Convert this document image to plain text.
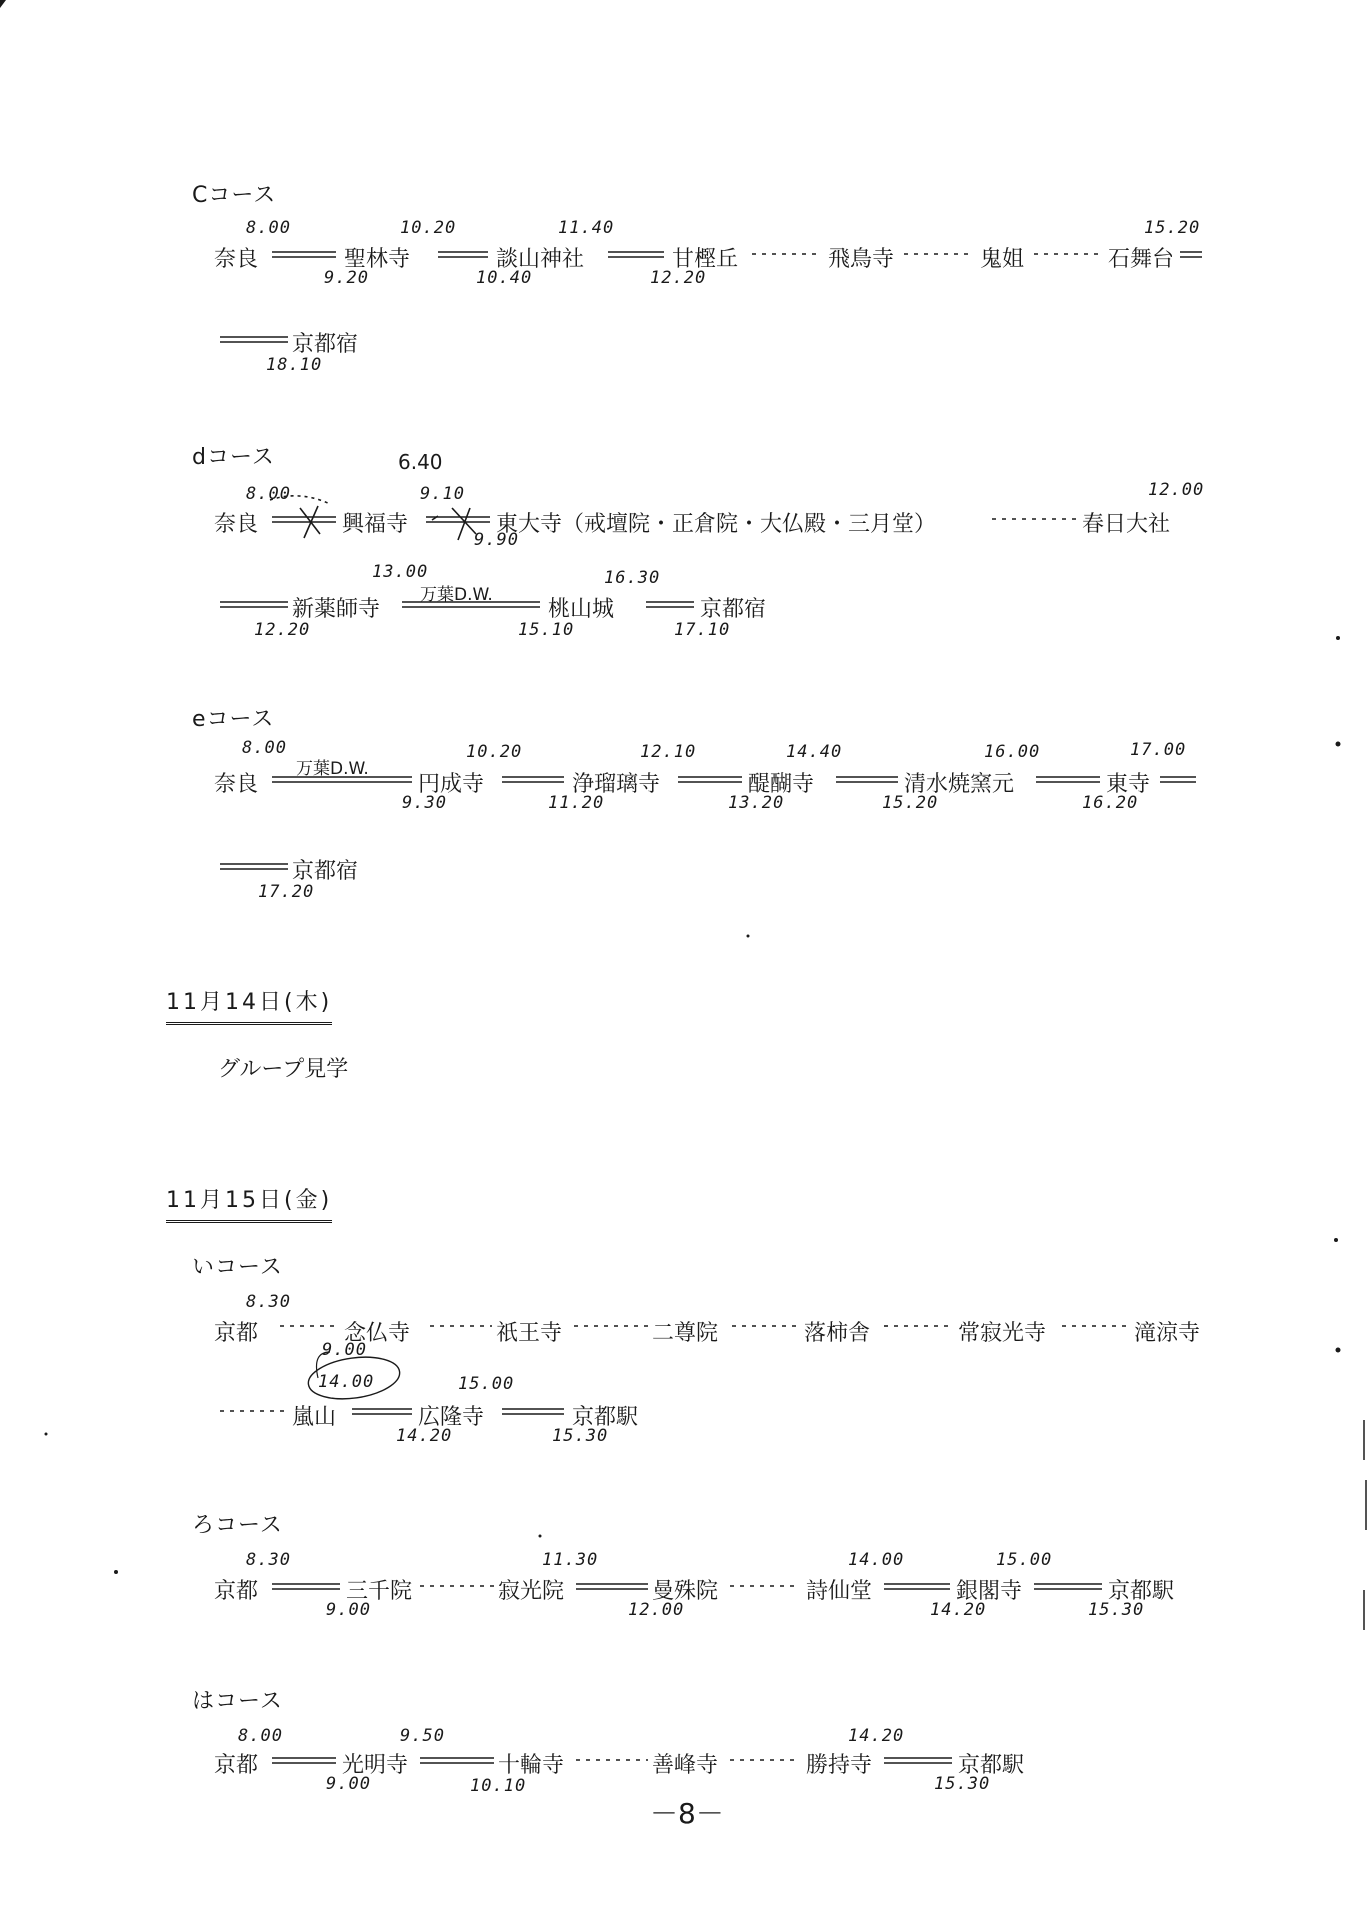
Cコース
8.00	10.20	11.40	15.20
奈良	聖林寺	談山神社	甘樫丘	飛鳥寺	鬼姐	石舞台
9.20	10.40	12.20
京都宿
18.10
dコース	6.40
8.00	9.10	12.00
奈良	興福寺	東大寺（戒壇院・正倉院・大仏殿・三月堂）	春日大社
9.90
13.00	16.30
万葉D.W.
新薬師寺	桃山城	京都宿
12.20	15.10	17.10
eコース
8.00	10.20	12.10	14.40	16.00	17.00
万葉D.W.
奈良	円成寺	浄瑠璃寺	醍醐寺	清水焼窯元	東寺
9.30	11.20	13.20	15.20	16.20
京都宿
17.20
11月14日(木)
グループ見学
11月15日(金)
いコース
8.30
京都	念仏寺	祇王寺	二尊院	落柿舎	常寂光寺	滝涼寺
9.00
14.00	15.00
嵐山	広隆寺	京都駅
14.20	15.30
ろコース
8.30	11.30	14.00	15.00
京都	三千院	寂光院	曼殊院	詩仙堂	銀閣寺	京都駅
9.00	12.00	14.20	15.30
はコース
8.00	9.50	14.20
京都	光明寺	十輪寺	善峰寺	勝持寺	京都駅
9.00	10.10	15.30
－8－
